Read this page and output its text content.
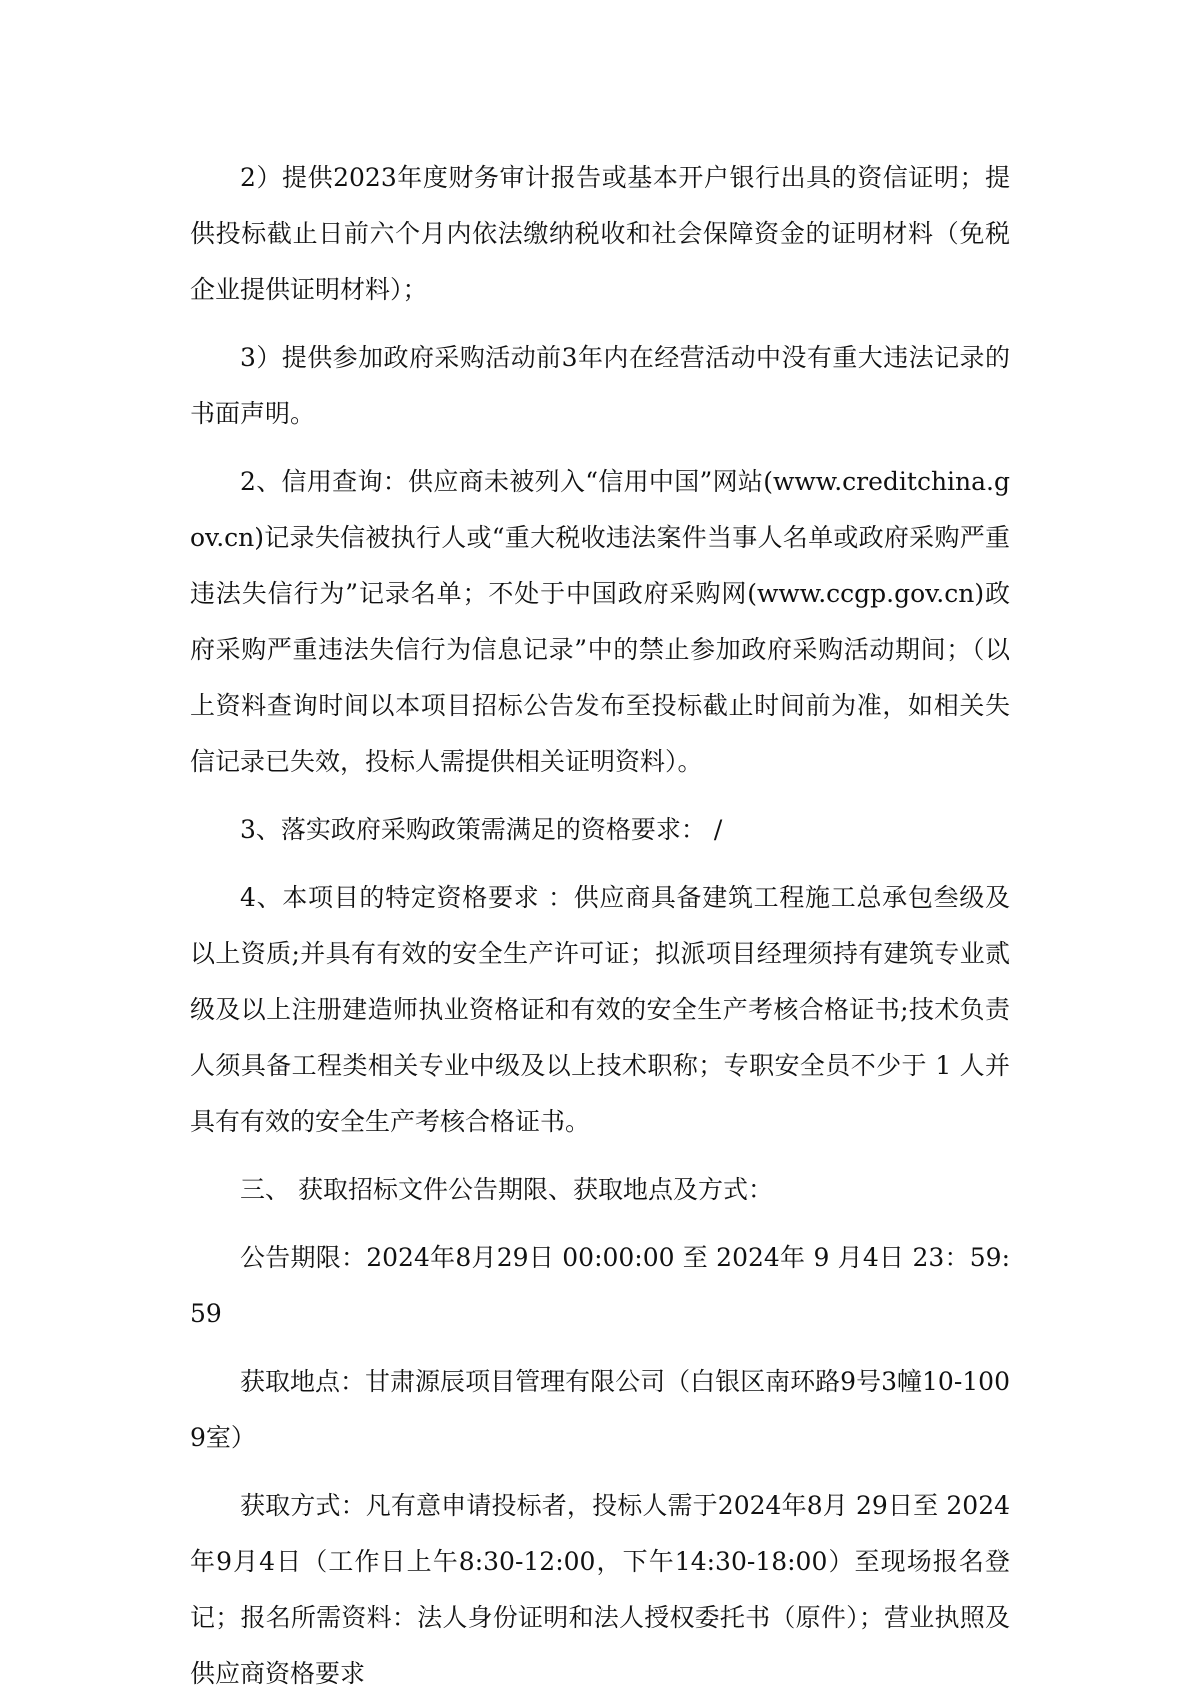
2）提供2023年度财务审计报告或基本开户银行出具的资信证明；提供投标截止日前六个月内依法缴纳税收和社会保障资金的证明材料（免税企业提供证明材料）；

3）提供参加政府采购活动前3年内在经营活动中没有重大违法记录的书面声明。

2、信用查询：供应商未被列入“信用中国”网站(www.creditchina.gov.cn)记录失信被执行人或“重大税收违法案件当事人名单或政府采购严重违法失信行为”记录名单；不处于中国政府采购网(www.ccgp.gov.cn)政府采购严重违法失信行为信息记录”中的禁止参加政府采购活动期间；（以上资料查询时间以本项目招标公告发布至投标截止时间前为准，如相关失信记录已失效，投标人需提供相关证明资料）。

3、落实政府采购政策需满足的资格要求： /

4、本项目的特定资格要求 ：供应商具备建筑工程施工总承包叁级及以上资质;并具有有效的安全生产许可证；拟派项目经理须持有建筑专业贰级及以上注册建造师执业资格证和有效的安全生产考核合格证书;技术负责人须具备工程类相关专业中级及以上技术职称；专职安全员不少于 1 人并具有有效的安全生产考核合格证书。

三、 获取招标文件公告期限、获取地点及方式：

公告期限：2024年8月29日 00:00:00 至 2024年 9 月4日 23：59:59

获取地点：甘肃源辰项目管理有限公司（白银区南环路9号3幢10-1009室）

获取方式：凡有意申请投标者，投标人需于2024年8月 29日至 2024年9月4日（工作日上午8:30-12:00，下午14:30-18:00）至现场报名登记；报名所需资料：法人身份证明和法人授权委托书（原件）；营业执照及供应商资格要求
